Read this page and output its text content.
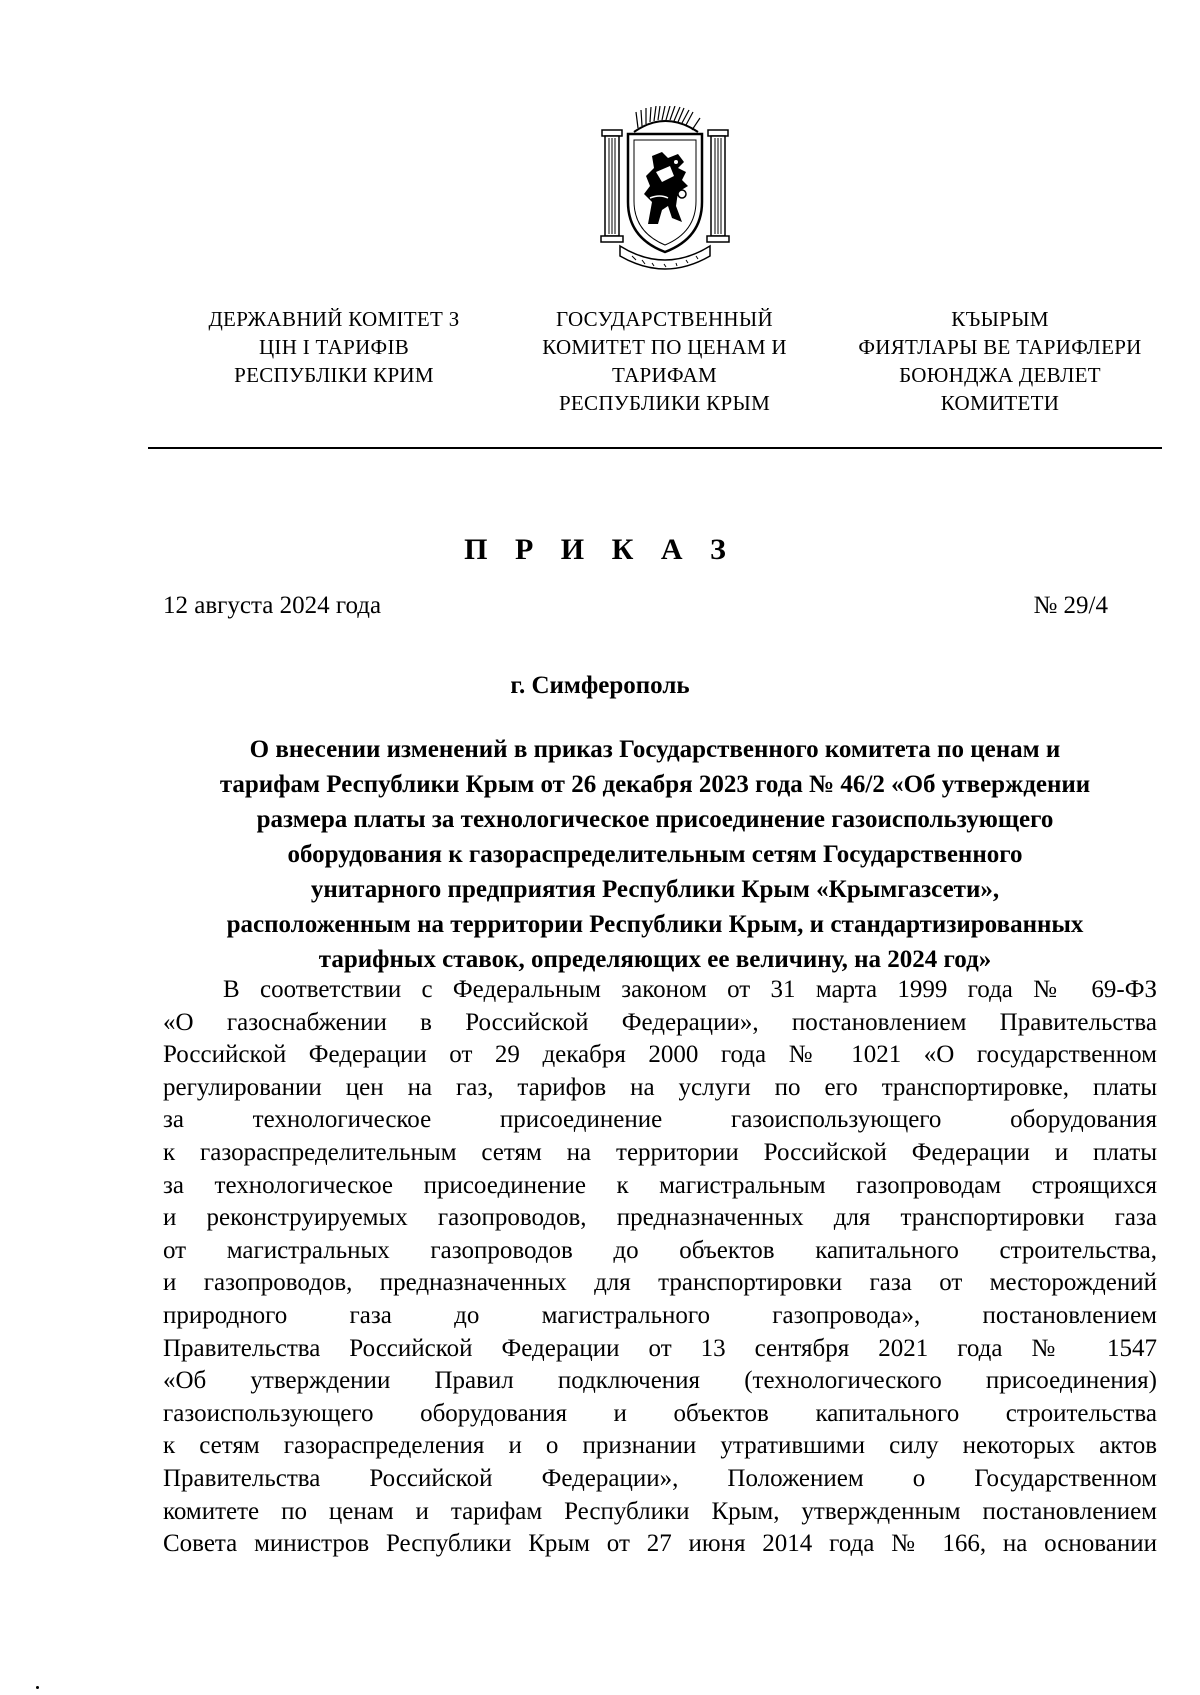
ДЕРЖАВНИЙ КОМІТЕТ З
ЦІН І ТАРИФІВ
РЕСПУБЛІКИ КРИМ
ГОСУДАРСТВЕННЫЙ
КОМИТЕТ ПО ЦЕНАМ И
ТАРИФАМ
РЕСПУБЛИКИ КРЫМ
КЪЫРЫМ
ФИЯТЛАРЫ ВЕ ТАРИФЛЕРИ
БОЮНДЖА ДЕВЛЕТ
КОМИТЕТИ
П Р И К А З
12 августа 2024 года	№ 29/4
г. Симферополь
О внесении изменений в приказ Государственного комитета по ценам и
тарифам Республики Крым от 26 декабря 2023 года № 46/2 «Об утверждении
размера платы за технологическое присоединение газоиспользующего
оборудования к газораспределительным сетям Государственного
унитарного предприятия Республики Крым «Крымгазсети»,
расположенным на территории Республики Крым, и стандартизированных
тарифных ставок, определяющих ее величину, на 2024 год»
В соответствии с Федеральным законом от 31 марта 1999 года № 69-ФЗ
«О газоснабжении в Российской Федерации», постановлением Правительства
Российской Федерации от 29 декабря 2000 года № 1021 «О государственном
регулировании цен на газ, тарифов на услуги по его транспортировке, платы
за технологическое присоединение газоиспользующего оборудования
к газораспределительным сетям на территории Российской Федерации и платы
за технологическое присоединение к магистральным газопроводам строящихся
и реконструируемых газопроводов, предназначенных для транспортировки газа
от магистральных газопроводов до объектов капитального строительства,
и газопроводов, предназначенных для транспортировки газа от месторождений
природного газа до магистрального газопровода», постановлением
Правительства Российской Федерации от 13 сентября 2021 года № 1547
«Об утверждении Правил подключения (технологического присоединения)
газоиспользующего оборудования и объектов капитального строительства
к сетям газораспределения и о признании утратившими силу некоторых актов
Правительства Российской Федерации», Положением о Государственном
комитете по ценам и тарифам Республики Крым, утвержденным постановлением
Совета министров Республики Крым от 27 июня 2014 года № 166, на основании
